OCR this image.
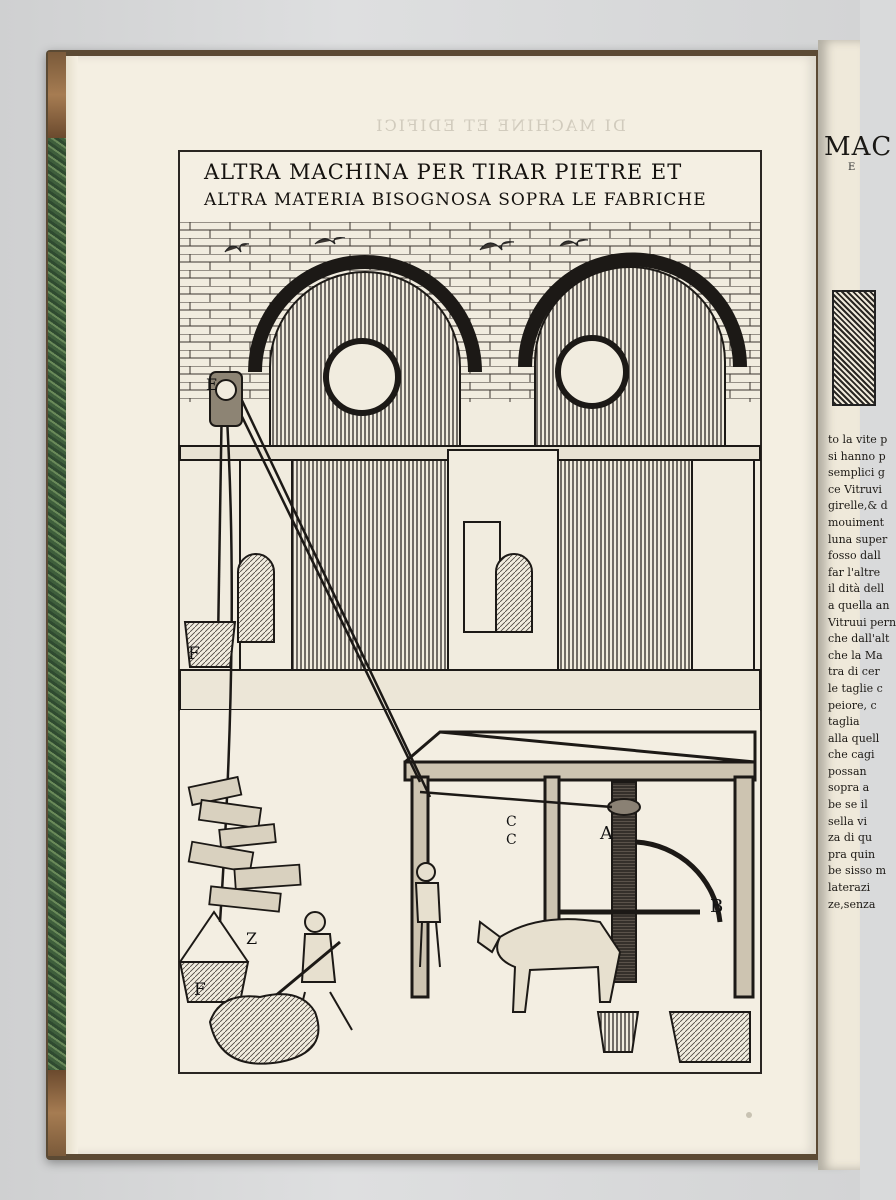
DI MACHINE ET EDIFICI
MAC
E
to la vite p
si hanno p
semplici g
ce Vitruvi
girelle,& d
mouiment
luna super
fosso dall
far l'altre
il dità dell
a quella an
Vitruui pern
che dall'alt
che la Ma
tra di cer
le taglie c
peiore, c
taglia
alla quell
che cagi
possan
sopra a
be se il
sella vi
za di qu
pra quin
be sisso m
laterazi
ze,senza
ALTRA MACHINA PER TIRAR PIETRE ET
ALTRA MATERIA BISOGNOSA SOPRA LE FABRICHE
E
F
F
Z
A
B
C
C
